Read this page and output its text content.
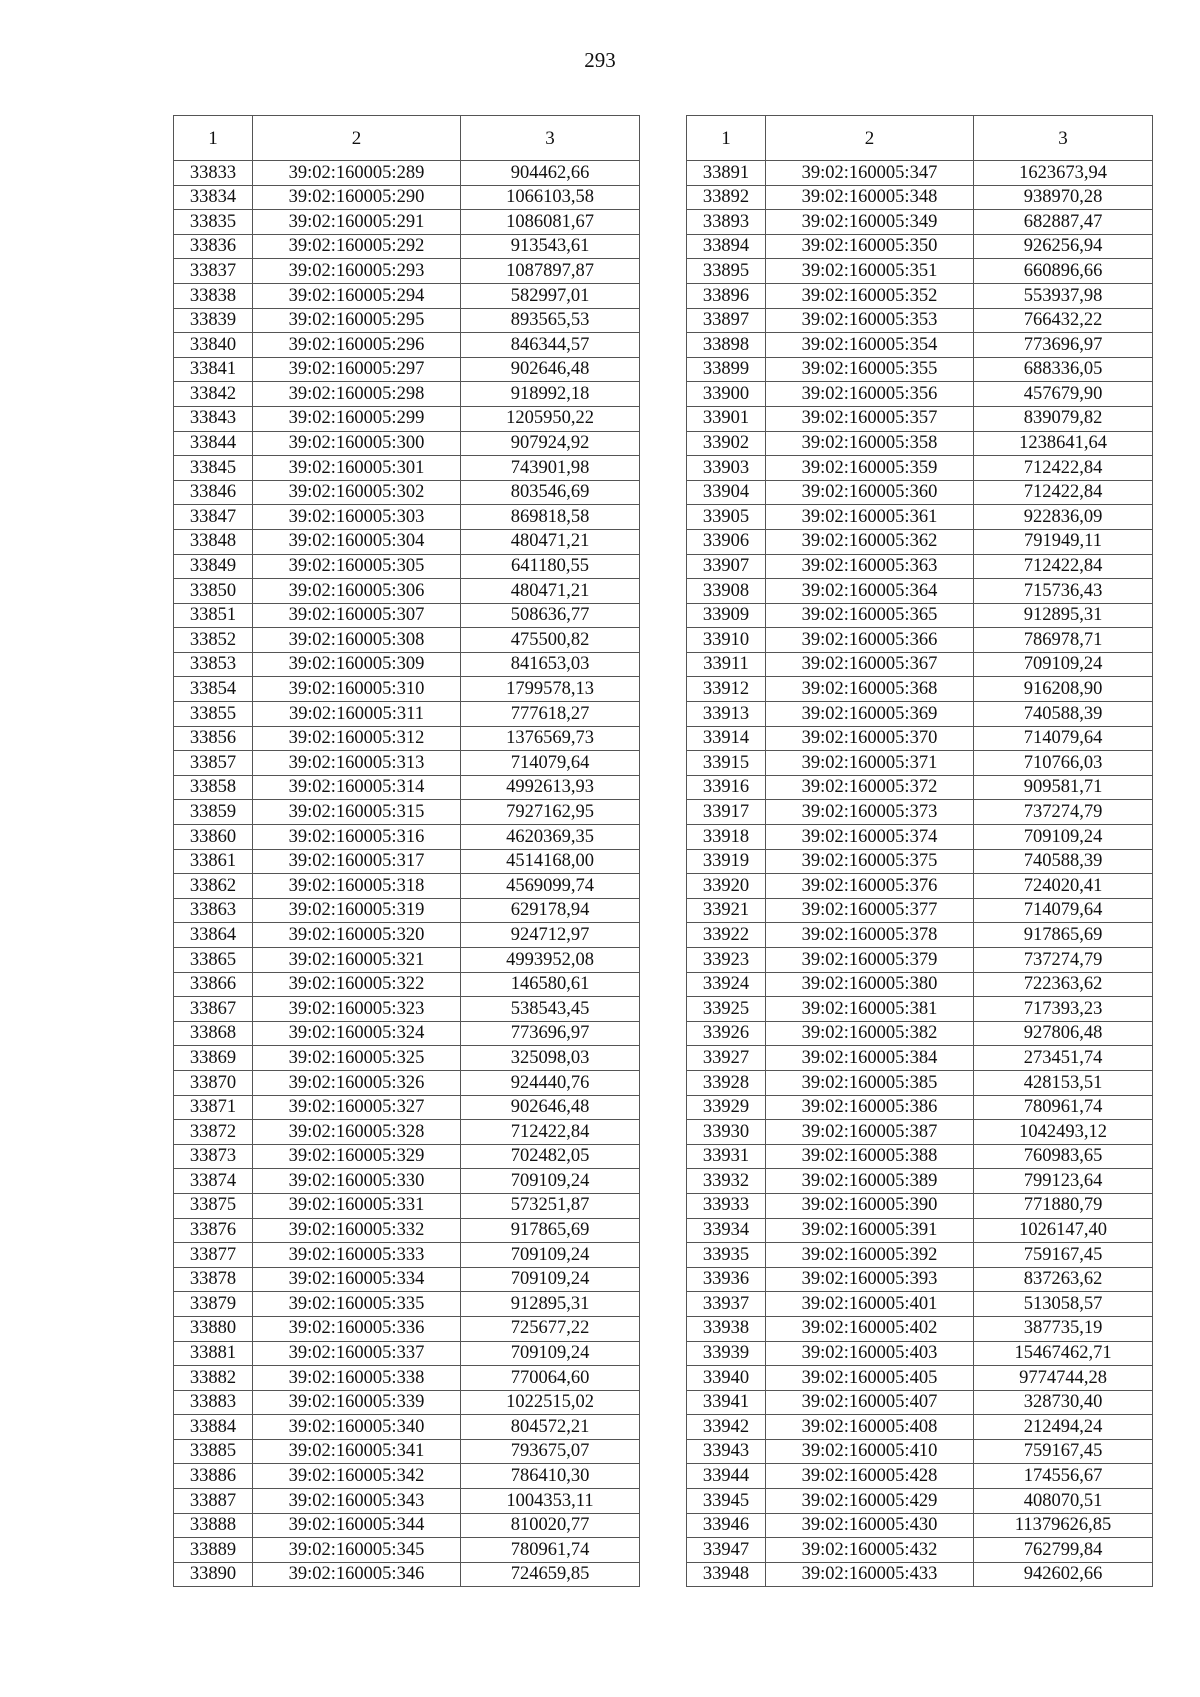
293
1	2	3
33833	39:02:160005:289	904462,66
33834	39:02:160005:290	1066103,58
33835	39:02:160005:291	1086081,67
33836	39:02:160005:292	913543,61
33837	39:02:160005:293	1087897,87
33838	39:02:160005:294	582997,01
33839	39:02:160005:295	893565,53
33840	39:02:160005:296	846344,57
33841	39:02:160005:297	902646,48
33842	39:02:160005:298	918992,18
33843	39:02:160005:299	1205950,22
33844	39:02:160005:300	907924,92
33845	39:02:160005:301	743901,98
33846	39:02:160005:302	803546,69
33847	39:02:160005:303	869818,58
33848	39:02:160005:304	480471,21
33849	39:02:160005:305	641180,55
33850	39:02:160005:306	480471,21
33851	39:02:160005:307	508636,77
33852	39:02:160005:308	475500,82
33853	39:02:160005:309	841653,03
33854	39:02:160005:310	1799578,13
33855	39:02:160005:311	777618,27
33856	39:02:160005:312	1376569,73
33857	39:02:160005:313	714079,64
33858	39:02:160005:314	4992613,93
33859	39:02:160005:315	7927162,95
33860	39:02:160005:316	4620369,35
33861	39:02:160005:317	4514168,00
33862	39:02:160005:318	4569099,74
33863	39:02:160005:319	629178,94
33864	39:02:160005:320	924712,97
33865	39:02:160005:321	4993952,08
33866	39:02:160005:322	146580,61
33867	39:02:160005:323	538543,45
33868	39:02:160005:324	773696,97
33869	39:02:160005:325	325098,03
33870	39:02:160005:326	924440,76
33871	39:02:160005:327	902646,48
33872	39:02:160005:328	712422,84
33873	39:02:160005:329	702482,05
33874	39:02:160005:330	709109,24
33875	39:02:160005:331	573251,87
33876	39:02:160005:332	917865,69
33877	39:02:160005:333	709109,24
33878	39:02:160005:334	709109,24
33879	39:02:160005:335	912895,31
33880	39:02:160005:336	725677,22
33881	39:02:160005:337	709109,24
33882	39:02:160005:338	770064,60
33883	39:02:160005:339	1022515,02
33884	39:02:160005:340	804572,21
33885	39:02:160005:341	793675,07
33886	39:02:160005:342	786410,30
33887	39:02:160005:343	1004353,11
33888	39:02:160005:344	810020,77
33889	39:02:160005:345	780961,74
33890	39:02:160005:346	724659,85
1	2	3
33891	39:02:160005:347	1623673,94
33892	39:02:160005:348	938970,28
33893	39:02:160005:349	682887,47
33894	39:02:160005:350	926256,94
33895	39:02:160005:351	660896,66
33896	39:02:160005:352	553937,98
33897	39:02:160005:353	766432,22
33898	39:02:160005:354	773696,97
33899	39:02:160005:355	688336,05
33900	39:02:160005:356	457679,90
33901	39:02:160005:357	839079,82
33902	39:02:160005:358	1238641,64
33903	39:02:160005:359	712422,84
33904	39:02:160005:360	712422,84
33905	39:02:160005:361	922836,09
33906	39:02:160005:362	791949,11
33907	39:02:160005:363	712422,84
33908	39:02:160005:364	715736,43
33909	39:02:160005:365	912895,31
33910	39:02:160005:366	786978,71
33911	39:02:160005:367	709109,24
33912	39:02:160005:368	916208,90
33913	39:02:160005:369	740588,39
33914	39:02:160005:370	714079,64
33915	39:02:160005:371	710766,03
33916	39:02:160005:372	909581,71
33917	39:02:160005:373	737274,79
33918	39:02:160005:374	709109,24
33919	39:02:160005:375	740588,39
33920	39:02:160005:376	724020,41
33921	39:02:160005:377	714079,64
33922	39:02:160005:378	917865,69
33923	39:02:160005:379	737274,79
33924	39:02:160005:380	722363,62
33925	39:02:160005:381	717393,23
33926	39:02:160005:382	927806,48
33927	39:02:160005:384	273451,74
33928	39:02:160005:385	428153,51
33929	39:02:160005:386	780961,74
33930	39:02:160005:387	1042493,12
33931	39:02:160005:388	760983,65
33932	39:02:160005:389	799123,64
33933	39:02:160005:390	771880,79
33934	39:02:160005:391	1026147,40
33935	39:02:160005:392	759167,45
33936	39:02:160005:393	837263,62
33937	39:02:160005:401	513058,57
33938	39:02:160005:402	387735,19
33939	39:02:160005:403	15467462,71
33940	39:02:160005:405	9774744,28
33941	39:02:160005:407	328730,40
33942	39:02:160005:408	212494,24
33943	39:02:160005:410	759167,45
33944	39:02:160005:428	174556,67
33945	39:02:160005:429	408070,51
33946	39:02:160005:430	11379626,85
33947	39:02:160005:432	762799,84
33948	39:02:160005:433	942602,66
